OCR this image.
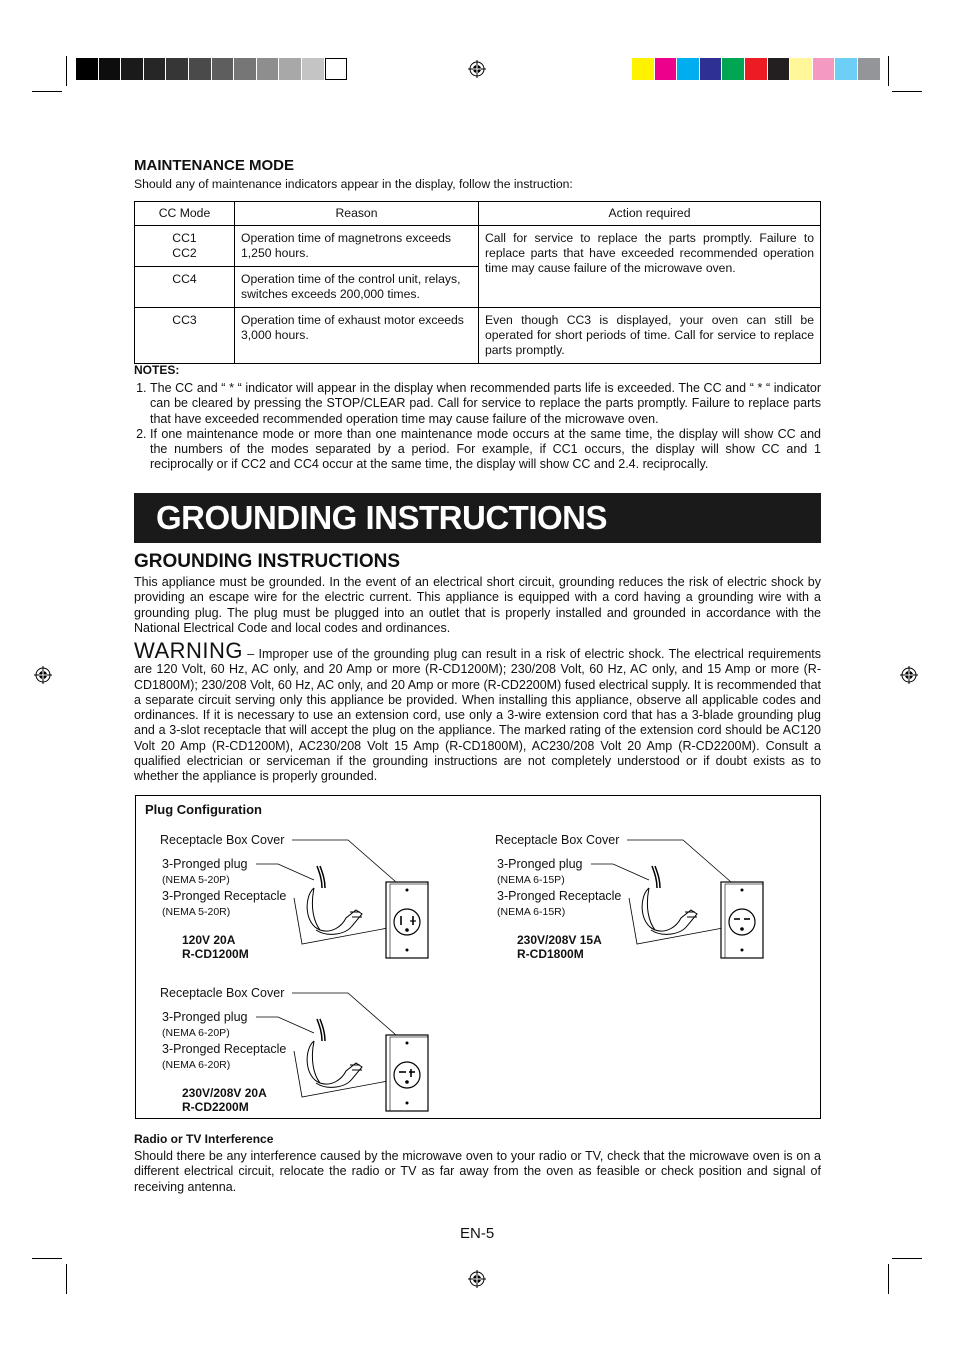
MAINTENANCE MODE
Should any of maintenance indicators appear in the display, follow the instruction:
CC Mode	Reason	Action required

CC1
CC2	Operation time of magnetrons exceeds 1,250 hours.	Call for service to replace the parts promptly. Failure to replace parts that have exceeded recommended operation time may cause failure of the microwave oven.
CC4	Operation time of the control unit, relays, switches exceeds 200,000 times.	
CC3	Operation time of exhaust motor exceeds 3,000 hours.	Even though CC3 is displayed, your oven can still be operated for short periods of time. Call for service to replace parts promptly.
NOTES:
1. The CC and “ * “ indicator will appear in the display when recommended parts life is exceeded. The CC and “ * “ indicator can be cleared by pressing the STOP/CLEAR pad. Call for service to replace the parts promptly. Failure to replace parts that have exceeded recommended operation time may cause failure of the microwave oven.
2. If one maintenance mode or more than one maintenance mode occurs at the same time, the display will show CC and the numbers of the modes separated by a period. For example, if CC1 occurs, the display will show CC and 1 reciprocally or if CC2 and CC4 occur at the same time, the display will show CC and 2.4. reciprocally.
GROUNDING INSTRUCTIONS
GROUNDING INSTRUCTIONS
This appliance must be grounded. In the event of an electrical short circuit, grounding reduces the risk of electric shock by providing an escape wire for the electric current. This appliance is equipped with a cord having a grounding wire with a grounding plug. The plug must be plugged into an outlet that is properly installed and grounded in accordance with the National Electrical Code and local codes and ordinances.
WARNING – Improper use of the grounding plug can result in a risk of electric shock. The electrical requirements are 120 Volt, 60 Hz, AC only, and 20 Amp or more (R-CD1200M); 230/208 Volt, 60 Hz, AC only, and 15 Amp or more (R-CD1800M); 230/208 Volt, 60 Hz, AC only, and 20 Amp or more (R-CD2200M) fused electrical supply. It is recommended that a separate circuit serving only this appliance be provided. When installing this appliance, observe all applicable codes and ordinances. If it is necessary to use an extension cord, use only a 3-wire extension cord that has a 3-blade grounding plug and a 3-slot receptacle that will accept the plug on the appliance. The marked rating of the extension cord should be AC120 Volt 20 Amp (R-CD1200M), AC230/208 Volt 15 Amp (R-CD1800M), AC230/208 Volt 20 Amp (R-CD2200M). Consult a qualified electrician or serviceman if the grounding instructions are not completely understood or if doubt exists as to whether the appliance is properly grounded.
Plug Configuration
Receptacle Box Cover
3-Pronged plug
(NEMA 5-20P)
3-Pronged Receptacle
(NEMA 5-20R)
120V 20A
R-CD1200M
Receptacle Box Cover
3-Pronged plug
(NEMA 6-15P)
3-Pronged Receptacle
(NEMA 6-15R)
230V/208V 15A
R-CD1800M
Receptacle Box Cover
3-Pronged plug
(NEMA 6-20P)
3-Pronged Receptacle
(NEMA 6-20R)
230V/208V 20A
R-CD2200M
Radio or TV Interference
Should there be any interference caused by the microwave oven to your radio or TV, check that the microwave oven is on a different electrical circuit, relocate the radio or TV as far away from the oven as feasible or check position and signal of receiving antenna.
EN-5
